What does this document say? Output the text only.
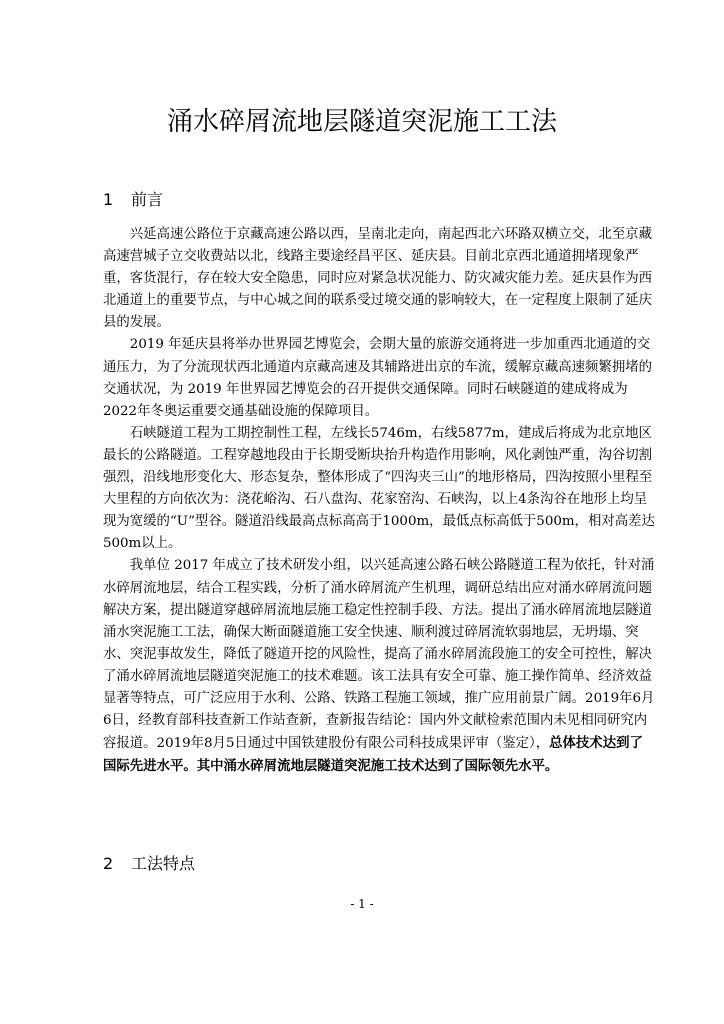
涌水碎屑流地层隧道突泥施工工法
1 前言

兴延高速公路位于京藏高速公路以西，呈南北走向，南起西北六环路双横立交，北至京藏高速营城子立交收费站以北，线路主要途经昌平区、延庆县。目前北京西北通道拥堵现象严重，客货混行，存在较大安全隐患，同时应对紧急状况能力、防灾减灾能力差。延庆县作为西北通道上的重要节点，与中心城之间的联系受过境交通的影响较大，在一定程度上限制了延庆县的发展。

2019 年延庆县将举办世界园艺博览会，会期大量的旅游交通将进一步加重西北通道的交通压力，为了分流现状西北通道内京藏高速及其辅路进出京的车流，缓解京藏高速频繁拥堵的交通状况，为 2019 年世界园艺博览会的召开提供交通保障。同时石峡隧道的建成将成为2022年冬奥运重要交通基础设施的保障项目。

石峡隧道工程为工期控制性工程，左线长5746m，右线5877m，建成后将成为北京地区最长的公路隧道。工程穿越地段由于长期受断块抬升构造作用影响，风化剥蚀严重，沟谷切割强烈，沿线地形变化大、形态复杂，整体形成了“四沟夹三山”的地形格局，四沟按照小里程至大里程的方向依次为：浇花峪沟、石八盘沟、花家窑沟、石峡沟，以上4条沟谷在地形上均呈现为宽缓的“U”型谷。隧道沿线最高点标高高于1000m，最低点标高低于500m，相对高差达500m以上。

我单位 2017 年成立了技术研发小组，以兴延高速公路石峡公路隧道工程为依托，针对涌水碎屑流地层，结合工程实践，分析了涌水碎屑流产生机理，调研总结出应对涌水碎屑流问题解决方案，提出隧道穿越碎屑流地层施工稳定性控制手段、方法。提出了涌水碎屑流地层隧道涌水突泥施工工法，确保大断面隧道施工安全快速、顺利渡过碎屑流软弱地层，无坍塌、突水、突泥事故发生，降低了隧道开挖的风险性，提高了涌水碎屑流段施工的安全可控性，解决了涌水碎屑流地层隧道突泥施工的技术难题。该工法具有安全可靠、施工操作简单、经济效益显著等特点，可广泛应用于水利、公路、铁路工程施工领域，推广应用前景广阔。2019年6月6日，经教育部科技查新工作站查新，查新报告结论：国内外文献检索范围内未见相同研究内容报道。2019年8月5日通过中国铁建股份有限公司科技成果评审（鉴定），总体技术达到了国际先进水平。其中涌水碎屑流地层隧道突泥施工技术达到了国际领先水平。

2 工法特点
- 1 -
